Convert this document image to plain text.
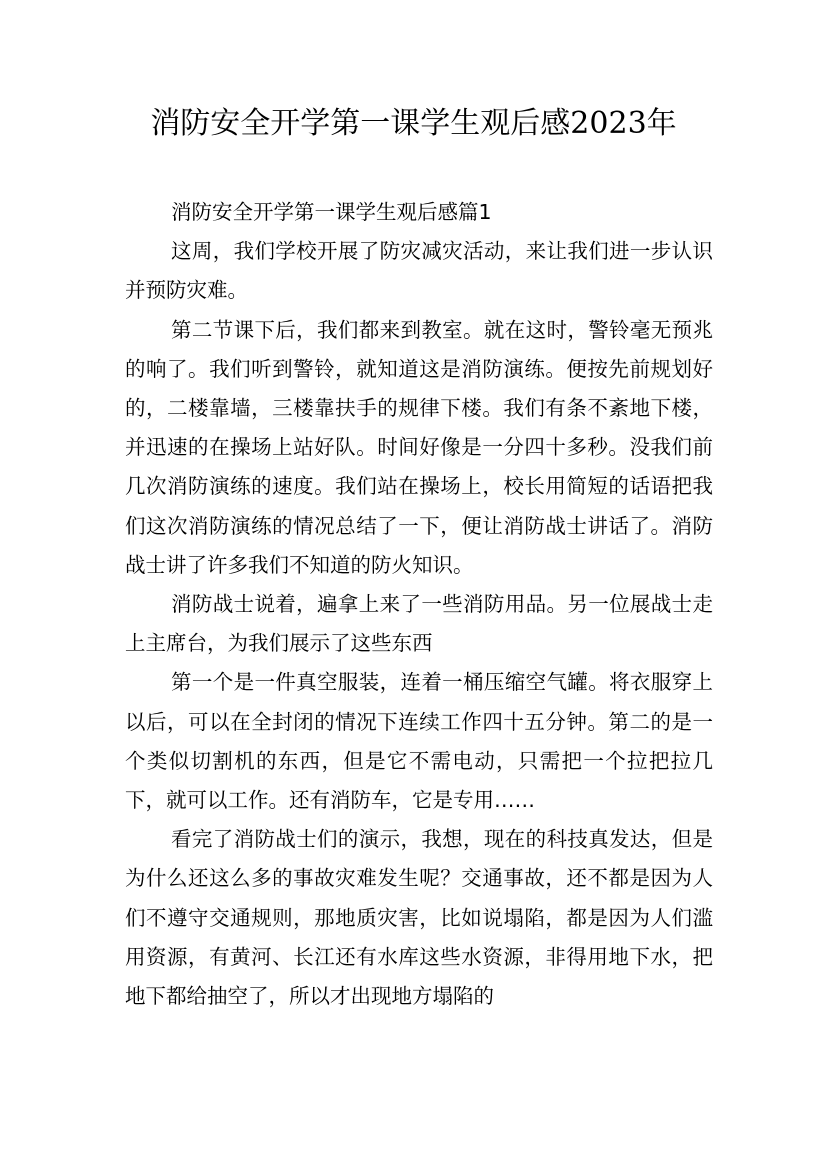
消防安全开学第一课学生观后感2023年

消防安全开学第一课学生观后感篇1

这周，我们学校开展了防灾减灾活动，来让我们进一步认识并预防灾难。

第二节课下后，我们都来到教室。就在这时，警铃毫无预兆的响了。我们听到警铃，就知道这是消防演练。便按先前规划好的，二楼靠墙，三楼靠扶手的规律下楼。我们有条不紊地下楼，并迅速的在操场上站好队。时间好像是一分四十多秒。没我们前几次消防演练的速度。我们站在操场上，校长用简短的话语把我们这次消防演练的情况总结了一下，便让消防战士讲话了。消防战士讲了许多我们不知道的防火知识。

消防战士说着，遍拿上来了一些消防用品。另一位展战士走上主席台，为我们展示了这些东西

第一个是一件真空服装，连着一桶压缩空气罐。将衣服穿上以后，可以在全封闭的情况下连续工作四十五分钟。第二的是一个类似切割机的东西，但是它不需电动，只需把一个拉把拉几下，就可以工作。还有消防车，它是专用……

看完了消防战士们的演示，我想，现在的科技真发达，但是为什么还这么多的事故灾难发生呢？交通事故，还不都是因为人们不遵守交通规则，那地质灾害，比如说塌陷，都是因为人们滥用资源，有黄河、长江还有水库这些水资源，非得用地下水，把地下都给抽空了，所以才出现地方塌陷的
